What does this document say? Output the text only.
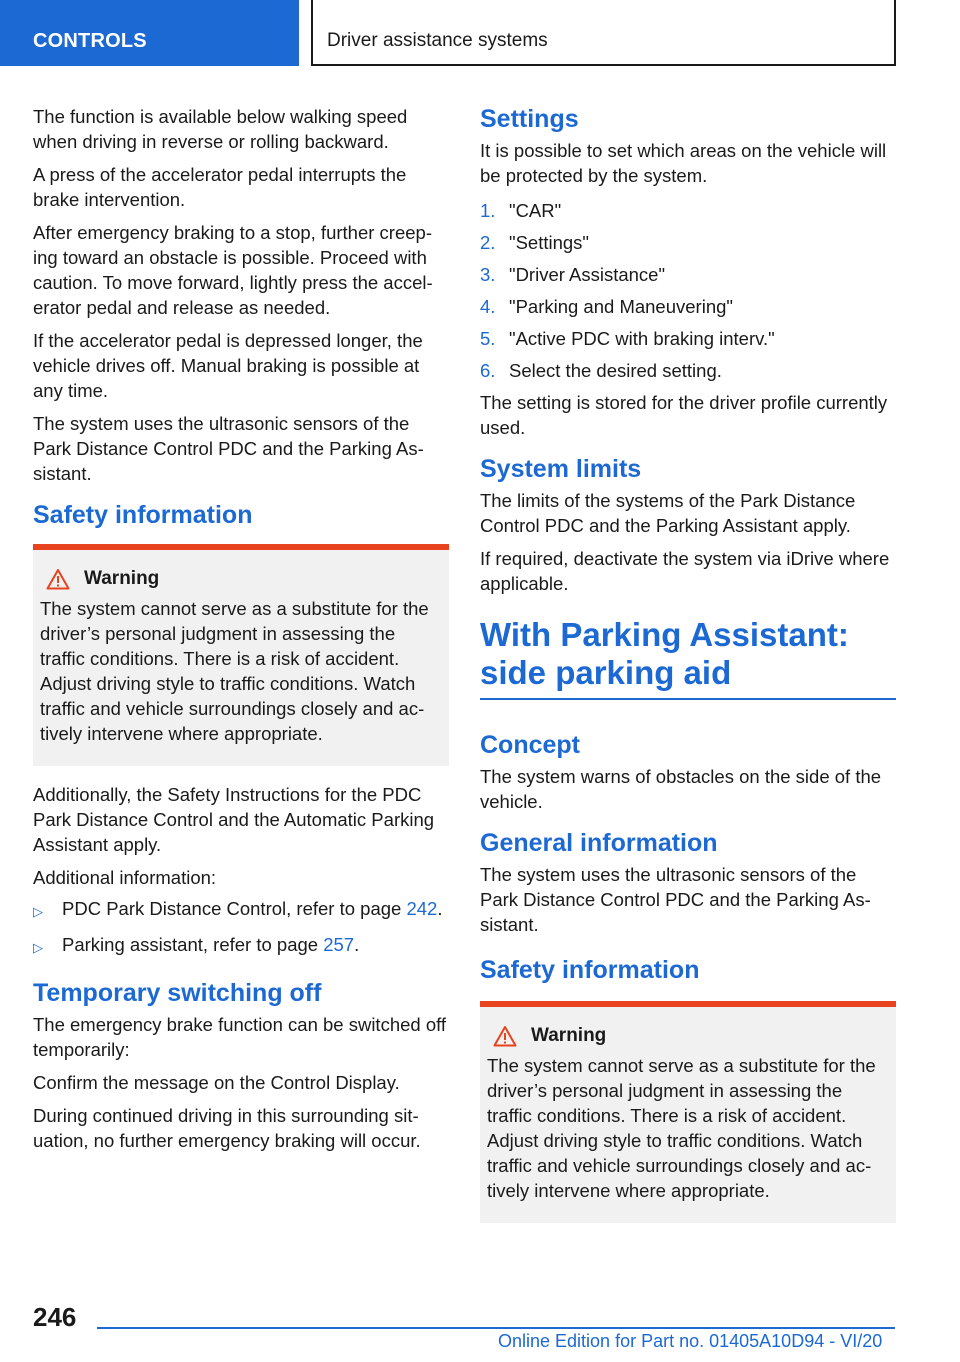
CONTROLS	Driver assistance systems

The function is available below walking speed when driving in reverse or rolling backward.

A press of the accelerator pedal interrupts the brake intervention.

After emergency braking to a stop, further creeping toward an obstacle is possible. Proceed with caution. To move forward, lightly press the accelerator pedal and release as needed.

If the accelerator pedal is depressed longer, the vehicle drives off. Manual braking is possible at any time.

The system uses the ultrasonic sensors of the Park Distance Control PDC and the Parking Assistant.

Safety information
Warning

The system cannot serve as a substitute for the driver’s personal judgment in assessing the traffic conditions. There is a risk of accident. Adjust driving style to traffic conditions. Watch traffic and vehicle surroundings closely and actively intervene where appropriate.

Additionally, the Safety Instructions for the PDC Park Distance Control and the Automatic Parking Assistant apply.

Additional information:

▷	PDC Park Distance Control, refer to page 242.
▷	Parking assistant, refer to page 257.
Temporary switching off

The emergency brake function can be switched off temporarily:

Confirm the message on the Control Display.

During continued driving in this surrounding situation, no further emergency braking will occur.

Settings

It is possible to set which areas on the vehicle will be protected by the system.

1. "CAR"
2. "Settings"
3. "Driver Assistance"
4. "Parking and Maneuvering"
5. "Active PDC with braking interv."
6. Select the desired setting.

The setting is stored for the driver profile currently used.

System limits

The limits of the systems of the Park Distance Control PDC and the Parking Assistant apply.

If required, deactivate the system via iDrive where applicable.

With Parking Assistant: side parking aid
Concept

The system warns of obstacles on the side of the vehicle.

General information

The system uses the ultrasonic sensors of the Park Distance Control PDC and the Parking Assistant.

Safety information
Warning

The system cannot serve as a substitute for the driver’s personal judgment in assessing the traffic conditions. There is a risk of accident. Adjust driving style to traffic conditions. Watch traffic and vehicle surroundings closely and actively intervene where appropriate.

246
Online Edition for Part no. 01405A10D94 - VI/20
